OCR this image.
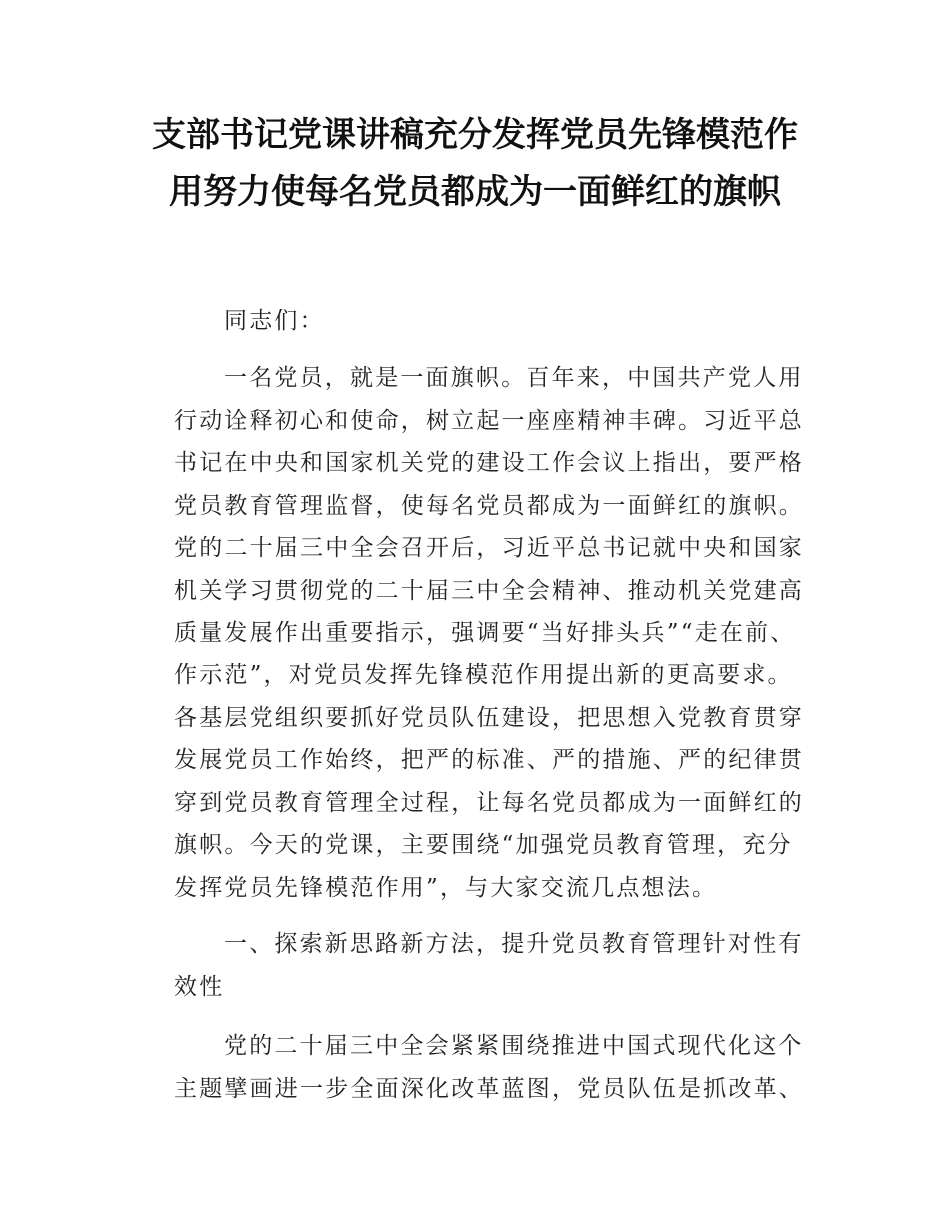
支部书记党课讲稿充分发挥党员先锋模范作
用努力使每名党员都成为一面鲜红的旗帜
同志们：
一名党员，就是一面旗帜。百年来，中国共产党人用
行动诠释初心和使命，树立起一座座精神丰碑。习近平总
书记在中央和国家机关党的建设工作会议上指出，要严格
党员教育管理监督，使每名党员都成为一面鲜红的旗帜。
党的二十届三中全会召开后，习近平总书记就中央和国家
机关学习贯彻党的二十届三中全会精神、推动机关党建高
质量发展作出重要指示，强调要“当好排头兵”“走在前、
作示范”，对党员发挥先锋模范作用提出新的更高要求。
各基层党组织要抓好党员队伍建设，把思想入党教育贯穿
发展党员工作始终，把严的标准、严的措施、严的纪律贯
穿到党员教育管理全过程，让每名党员都成为一面鲜红的
旗帜。今天的党课，主要围绕“加强党员教育管理，充分
发挥党员先锋模范作用”，与大家交流几点想法。
一、探索新思路新方法，提升党员教育管理针对性有
效性
党的二十届三中全会紧紧围绕推进中国式现代化这个
主题擘画进一步全面深化改革蓝图，党员队伍是抓改革、
